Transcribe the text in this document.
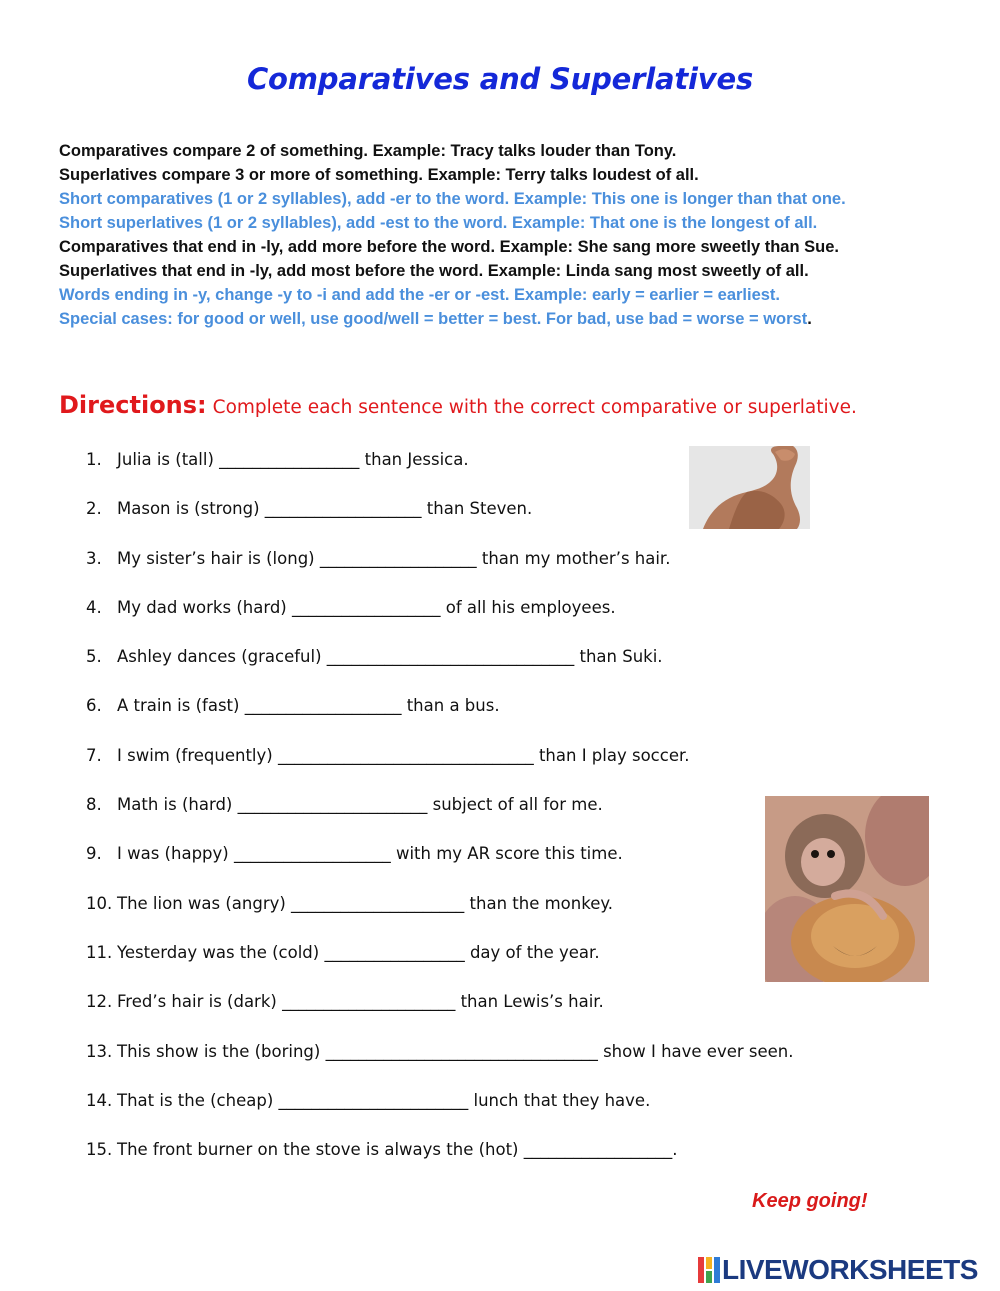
Comparatives and Superlatives
Comparatives compare 2 of something. Example: Tracy talks louder than Tony.
Superlatives compare 3 or more of something. Example: Terry talks loudest of all.
Short comparatives (1 or 2 syllables), add -er to the word. Example: This one is longer than that one.
Short superlatives (1 or 2 syllables), add -est to the word. Example: That one is the longest of all.
Comparatives that end in -ly, add more before the word. Example: She sang more sweetly than Sue.
Superlatives that end in -ly, add most before the word. Example: Linda sang most sweetly of all.
Words ending in -y, change -y to -i and add the -er or -est. Example: early = earlier = earliest.
Special cases: for good or well, use good/well = better = best. For bad, use bad = worse = worst.
Directions: Complete each sentence with the correct comparative or superlative.
1. Julia is (tall) _________________ than Jessica.
2. Mason is (strong) ___________________ than Steven.
3. My sister’s hair is (long) ___________________ than my mother’s hair.
4. My dad works (hard) __________________ of all his employees.
5. Ashley dances (graceful) ______________________________ than Suki.
6. A train is (fast) ___________________ than a bus.
7. I swim (frequently) _______________________________ than I play soccer.
8. Math is (hard) _______________________ subject of all for me.
9. I was (happy) ___________________ with my AR score this time.
10. The lion was (angry) _____________________ than the monkey.
11. Yesterday was the (cold) _________________ day of the year.
12. Fred’s hair is (dark) _____________________ than Lewis’s hair.
13. This show is the (boring) _________________________________ show I have ever seen.
14. That is the (cheap) _______________________ lunch that they have.
15. The front burner on the stove is always the (hot) __________________.
Keep going!
LIVEWORKSHEETS
